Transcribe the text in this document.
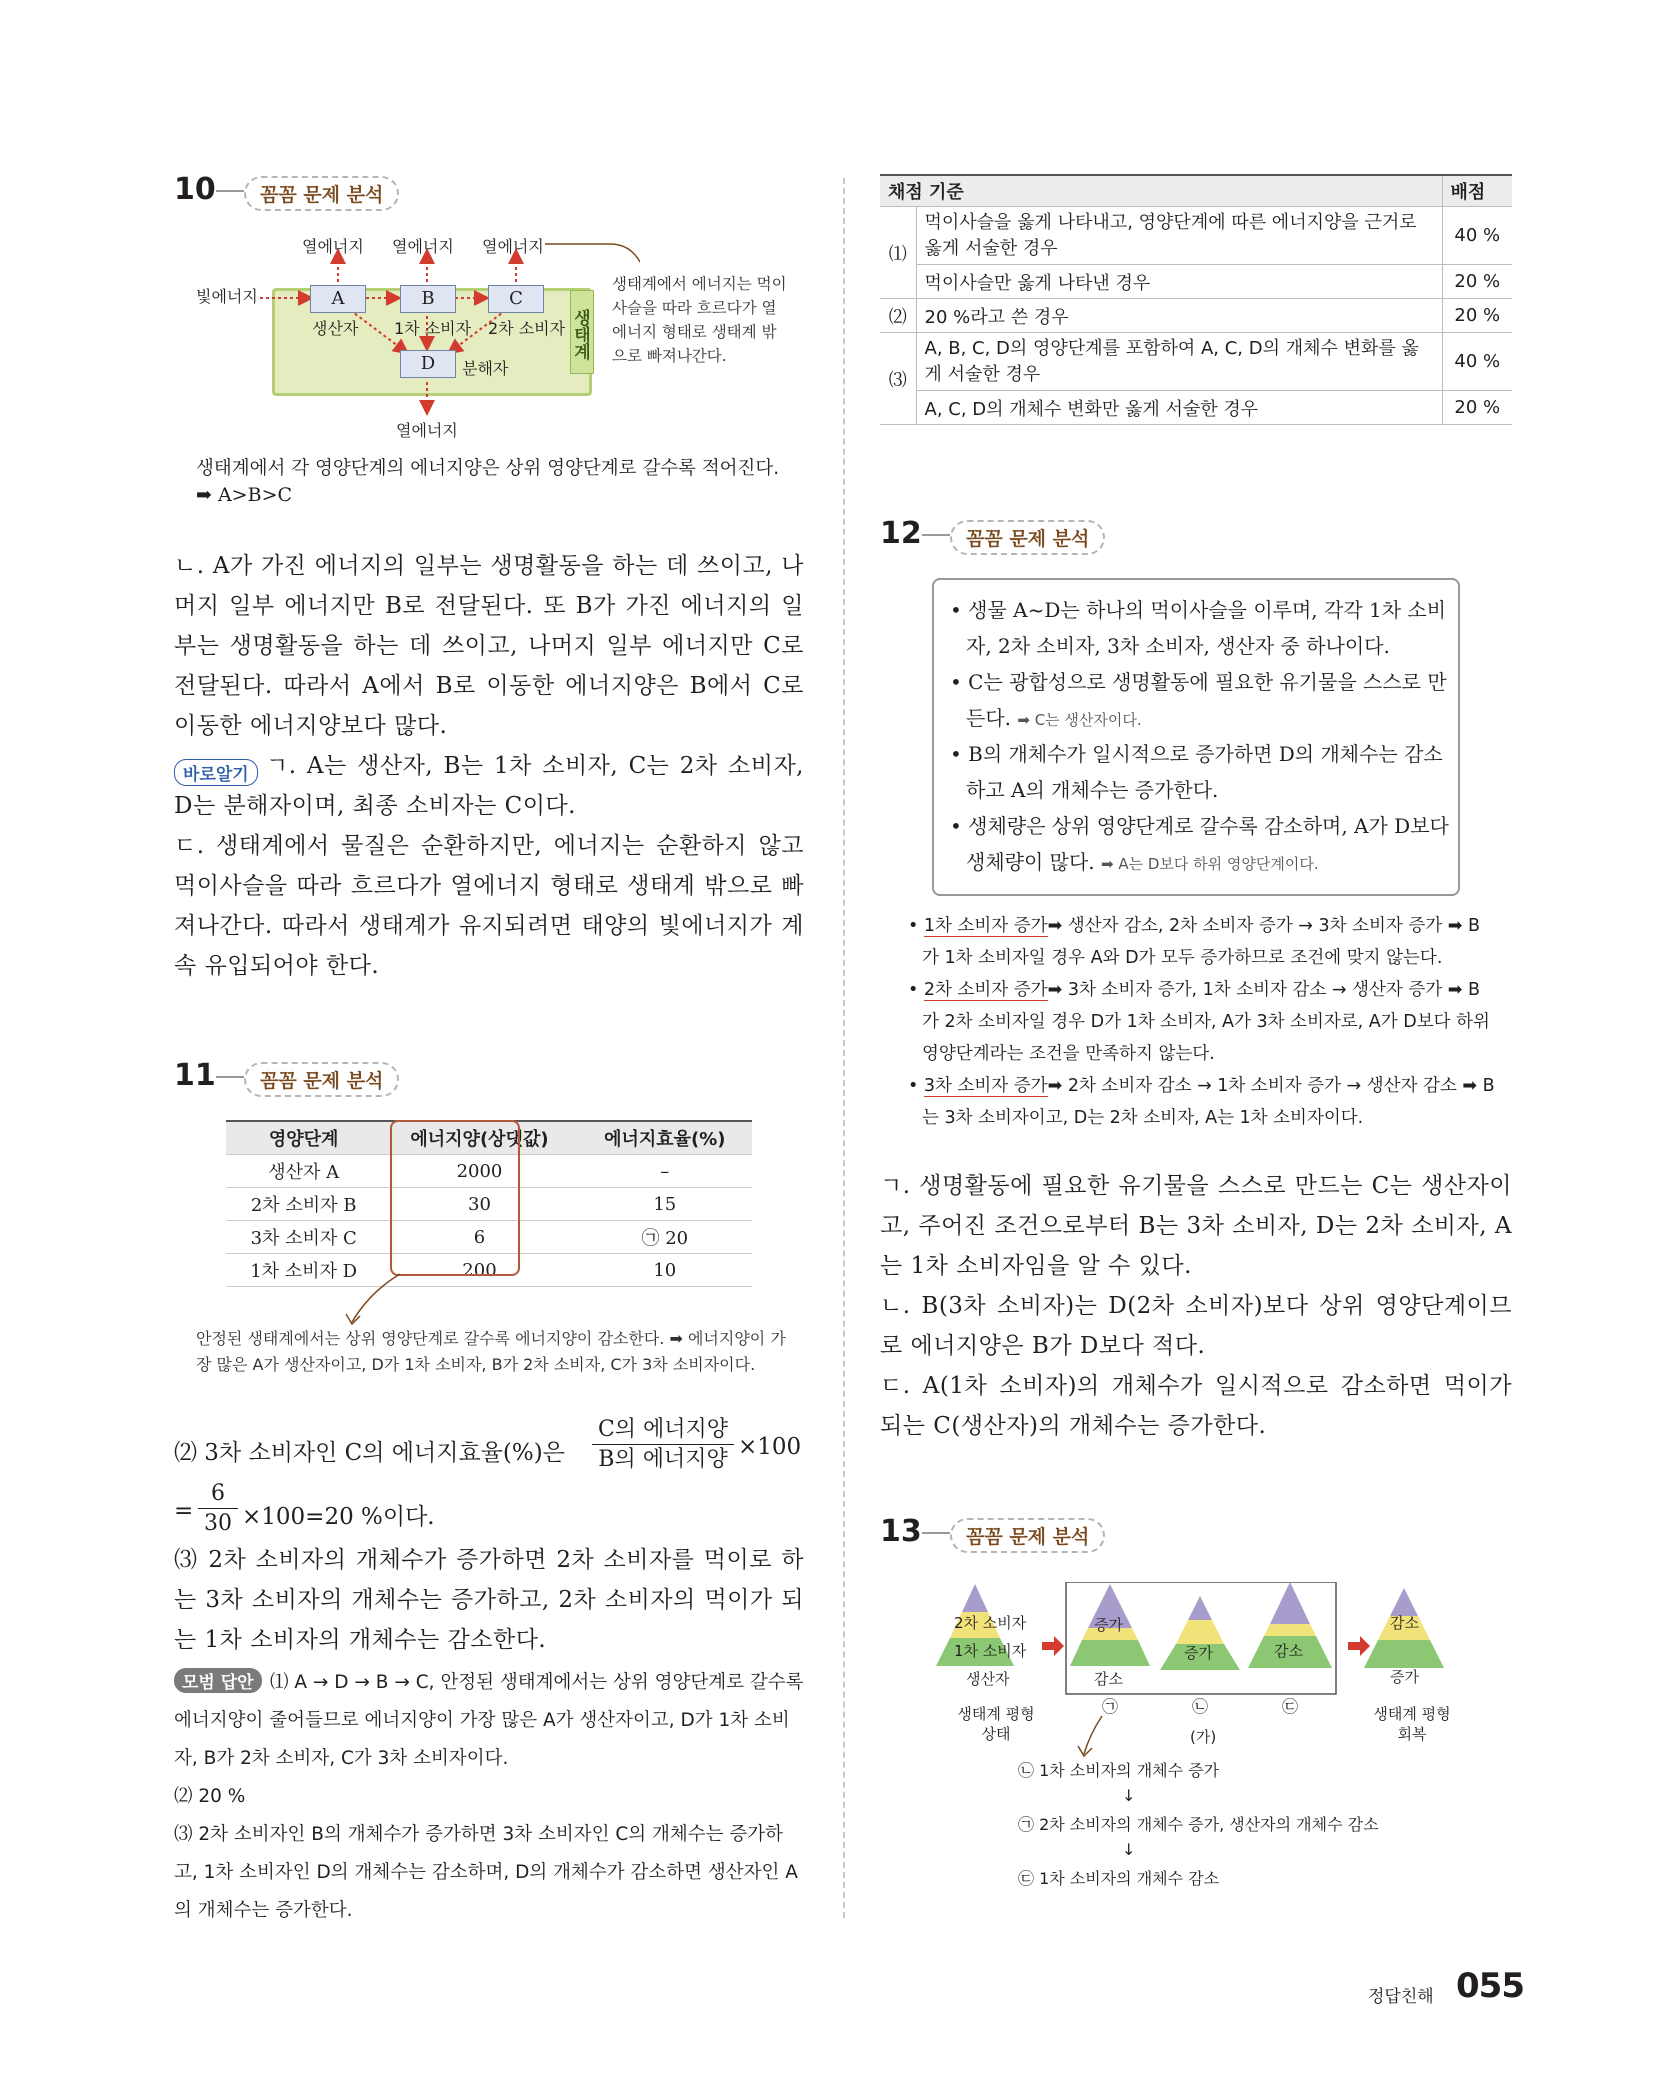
10	꼼꼼 문제 분석
생태계
열에너지 열에너지 열에너지
빛에너지	A	B	C
생산자 1차 소비자 2차 소비자
D	분해자
열에너지
생태계에서 에너지는 먹이사슬을 따라 흐르다가 열에너지 형태로 생태계 밖으로 빠져나간다.
생태계에서 각 영양단계의 에너지양은 상위 영양단계로 갈수록 적어진다.
➡ A>B>C
ㄴ. A가 가진 에너지의 일부는 생명활동을 하는 데 쓰이고, 나머지 일부 에너지만 B로 전달된다. 또 B가 가진 에너지의 일부는 생명활동을 하는 데 쓰이고, 나머지 일부 에너지만 C로 전달된다. 따라서 A에서 B로 이동한 에너지양은 B에서 C로 이동한 에너지양보다 많다.
바로알기 ㄱ. A는 생산자, B는 1차 소비자, C는 2차 소비자, D는 분해자이며, 최종 소비자는 C이다.
ㄷ. 생태계에서 물질은 순환하지만, 에너지는 순환하지 않고 먹이사슬을 따라 흐르다가 열에너지 형태로 생태계 밖으로 빠져나간다. 따라서 생태계가 유지되려면 태양의 빛에너지가 계속 유입되어야 한다.
11	꼼꼼 문제 분석
영양단계	에너지양(상댓값)	에너지효율(%)
생산자 A	2000	–
2차 소비자 B	30	15
3차 소비자 C	6	㉠ 20
1차 소비자 D	200	10
안정된 생태계에서는 상위 영양단계로 갈수록 에너지양이 감소한다. ➡ 에너지양이 가장 많은 A가 생산자이고, D가 1차 소비자, B가 2차 소비자, C가 3차 소비자이다.
⑵ 3차 소비자인 C의 에너지효율(%)은
C의 에너지양
B의 에너지양 ×100
=
6
30 ×100=20 %이다.
⑶ 2차 소비자의 개체수가 증가하면 2차 소비자를 먹이로 하는 3차 소비자의 개체수는 증가하고, 2차 소비자의 먹이가 되는 1차 소비자의 개체수는 감소한다.
모범 답안 ⑴ A → D → B → C, 안정된 생태계에서는 상위 영양단계로 갈수록 에너지양이 줄어들므로 에너지양이 가장 많은 A가 생산자이고, D가 1차 소비자, B가 2차 소비자, C가 3차 소비자이다.
⑵ 20 %
⑶ 2차 소비자인 B의 개체수가 증가하면 3차 소비자인 C의 개체수는 증가하고, 1차 소비자인 D의 개체수는 감소하며, D의 개체수가 감소하면 생산자인 A의 개체수는 증가한다.
채점 기준		배점
⑴	먹이사슬을 옳게 나타내고, 영양단계에 따른 에너지양을 근거로 옳게 서술한 경우	40 %
	먹이사슬만 옳게 나타낸 경우	20 %
⑵	20 %라고 쓴 경우	20 %
⑶	A, B, C, D의 영양단계를 포함하여 A, C, D의 개체수 변화를 옳게 서술한 경우	40 %
	A, C, D의 개체수 변화만 옳게 서술한 경우	20 %
12	꼼꼼 문제 분석
• 생물 A~D는 하나의 먹이사슬을 이루며, 각각 1차 소비자, 2차 소비자, 3차 소비자, 생산자 중 하나이다.
• C는 광합성으로 생명활동에 필요한 유기물을 스스로 만든다. ➡ C는 생산자이다.
• B의 개체수가 일시적으로 증가하면 D의 개체수는 감소하고 A의 개체수는 증가한다.
• 생체량은 상위 영양단계로 갈수록 감소하며, A가 D보다 생체량이 많다. ➡ A는 D보다 하위 영양단계이다.
• 1차 소비자 증가➡ 생산자 감소, 2차 소비자 증가 → 3차 소비자 증가 ➡ B가 1차 소비자일 경우 A와 D가 모두 증가하므로 조건에 맞지 않는다.
• 2차 소비자 증가➡ 3차 소비자 증가, 1차 소비자 감소 → 생산자 증가 ➡ B가 2차 소비자일 경우 D가 1차 소비자, A가 3차 소비자로, A가 D보다 하위 영양단계라는 조건을 만족하지 않는다.
• 3차 소비자 증가➡ 2차 소비자 감소 → 1차 소비자 증가 → 생산자 감소 ➡ B는 3차 소비자이고, D는 2차 소비자, A는 1차 소비자이다.
ㄱ. 생명활동에 필요한 유기물을 스스로 만드는 C는 생산자이고, 주어진 조건으로부터 B는 3차 소비자, D는 2차 소비자, A는 1차 소비자임을 알 수 있다.
ㄴ. B(3차 소비자)는 D(2차 소비자)보다 상위 영양단계이므로 에너지양은 B가 D보다 적다.
ㄷ. A(1차 소비자)의 개체수가 일시적으로 감소하면 먹이가 되는 C(생산자)의 개체수는 증가한다.
13	꼼꼼 문제 분석
2차 소비자
1차 소비자
생산자
생태계 평형 상태
증가
감소
증가	감소
㉠	㉡	㉢
(가)
감소
증가
생태계 평형 회복
㉡ 1차 소비자의 개체수 증가
↓
㉠ 2차 소비자의 개체수 증가, 생산자의 개체수 감소
↓
㉢ 1차 소비자의 개체수 감소
정답친해 055
